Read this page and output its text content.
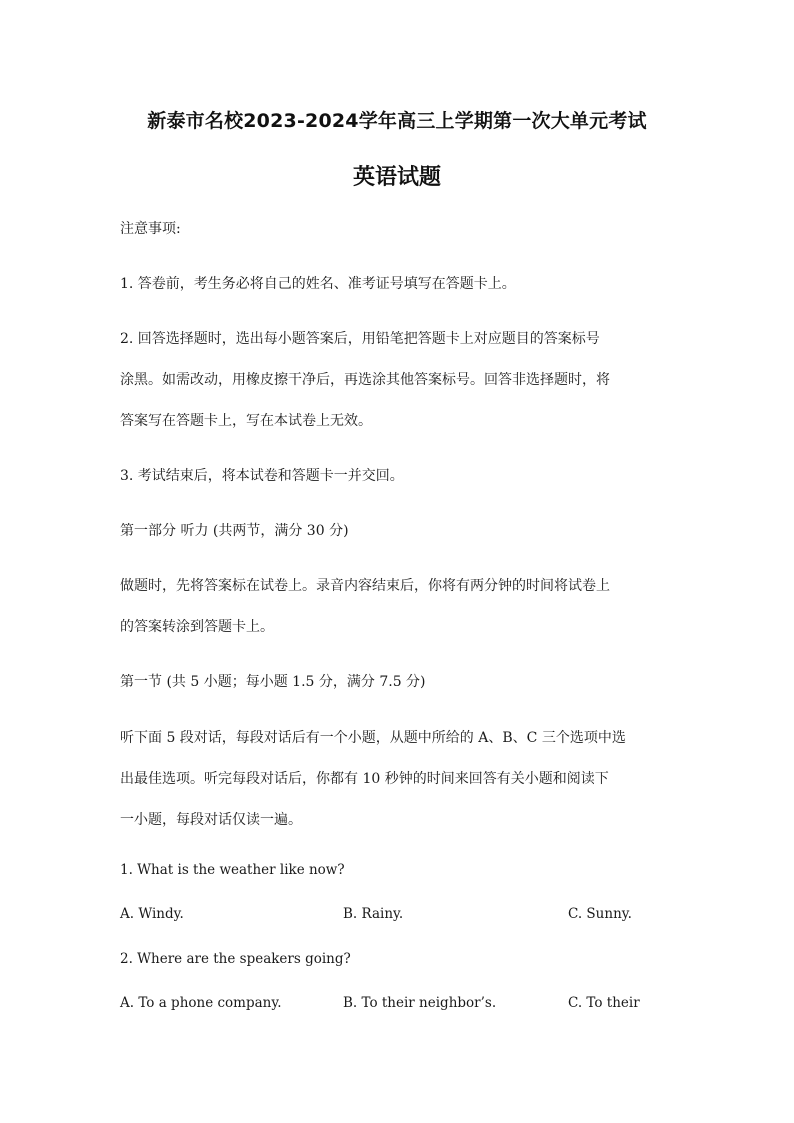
新泰市名校2023-2024学年高三上学期第一次大单元考试
英语试题
注意事项:
1. 答卷前，考生务必将自己的姓名、准考证号填写在答题卡上。
2. 回答选择题时，选出每小题答案后，用铅笔把答题卡上对应题目的答案标号
涂黑。如需改动，用橡皮擦干净后，再选涂其他答案标号。回答非选择题时，将
答案写在答题卡上，写在本试卷上无效。
3. 考试结束后，将本试卷和答题卡一并交回。
第一部分 听力 (共两节，满分 30 分)
做题时，先将答案标在试卷上。录音内容结束后，你将有两分钟的时间将试卷上
的答案转涂到答题卡上。
第一节 (共 5 小题；每小题 1.5 分，满分 7.5 分)
听下面 5 段对话，每段对话后有一个小题，从题中所给的 A、B、C 三个选项中选
出最佳选项。听完每段对话后，你都有 10 秒钟的时间来回答有关小题和阅读下
一小题，每段对话仅读一遍。
1. What is the weather like now?
A. Windy.	B. Rainy.	C. Sunny.
2. Where are the speakers going?
A. To a phone company.	B. To their neighbor’s.	C. To their
